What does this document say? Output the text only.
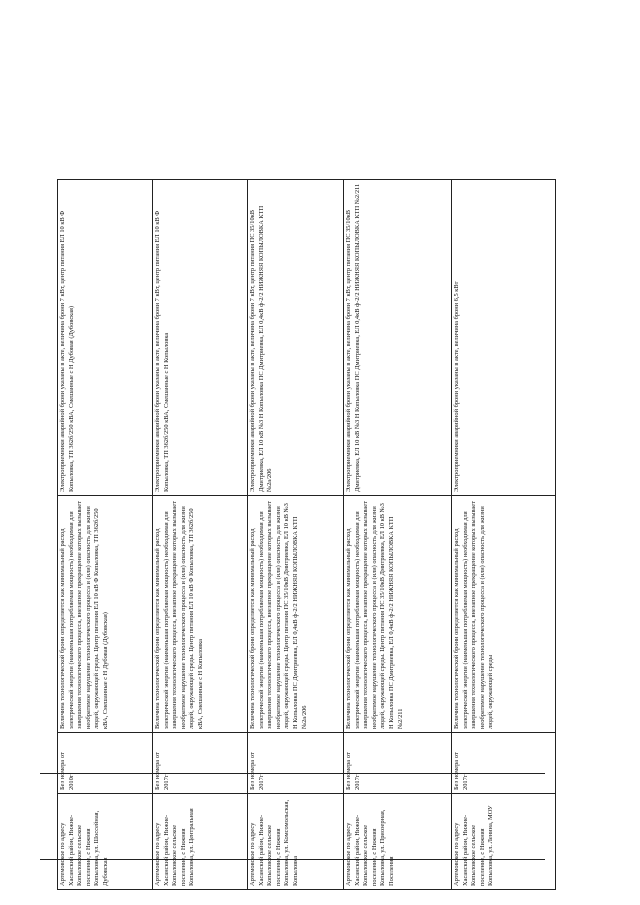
Артемовское по адресу Хасанский район, Нижне-Копыловское сельское поселение, с Нижняя Копыловка, ул. Шоссейная, Дубовская	Без номера от 2010г	Величина технологической брони определяется как минимальный расход электрической энергии (наименьшая потребляемая мощность) необходимая для завершения технологического процесса, внезапное прекращение которых вызывает необратимое нарушение технологического процесса и (или) опасность для жизни людей, окружающей среды. Центр питания ЕЛ 10 кВ Ф Копыловка, ТП 362б/250 кВА, Смешанные с Н Дубовая (Дубовская)	Электроприемники аварийной брони указаны в акте, величина брони 7 кВт, центр питания ЕЛ 10 кВ Ф Копыловка, ТП 362б/250 кВА, Смешанные с Н Дубовая (Дубовская)
Артемовское по адресу Хасанский район, Нижне-Копыловское сельское поселение, с Нижняя Копыловка, ул. Центральная	Без номера от 2017г	Величина технологической брони определяется как минимальный расход электрической энергии (наименьшая потребляемая мощность) необходимая для завершения технологического процесса, внезапное прекращение которых вызывает необратимое нарушение технологического процесса и (или) опасность для жизни людей, окружающей среды. Центр питания ЕЛ 10 кВ Ф Копыловка, ТП 362б/250 кВА, Смешанные с Н Копыловка	Электроприемники аварийной брони указаны в акте, величина брони 7 кВт, центр питания ЕЛ 10 кВ Ф Копыловка, ТП 362б/250 кВА, Смешанные с Н Копыловка
Артемовское по адресу Хасанский район, Нижне-Копыловское сельское поселение, с Нижняя Копыловка, ул. Комсомольская, Копыловка	Без номера от 2017г	Величина технологической брони определяется как минимальный расход электрической энергии (наименьшая потребляемая мощность) необходимая для завершения технологического процесса, внезапное прекращение которых вызывает необратимое нарушение технологического процесса и (или) опасность для жизни людей, окружающей среды. Центр питания ПС 35/10кВ Дмитриевка, ЕЛ 10 кВ №3 Н Копыловка ПС Дмитриевка, ЕЛ 0,4кВ ф-2/2 НИЖНЯЯ КОПЫЛОВКА КТП №2а/206	Электроприемники аварийной брони указаны в акте, величина брони 7 кВт, центр питания ПС 35/10кВ Дмитриевка, ЕЛ 10 кВ №3 Н Копыловка ПС Дмитриевка, ЕЛ 0,4кВ ф-2/2 НИЖНЯЯ КОПЫЛОВКА КТП №2а/206
Артемовское по адресу Хасанский район, Нижне-Копыловское сельское поселение, с Нижняя Копыловка, ул. Приозерная, Поселения	Без номера от 2017г	Величина технологической брони определяется как минимальный расход электрической энергии (наименьшая потребляемая мощность) необходимая для завершения технологического процесса, внезапное прекращение которых вызывает необратимое нарушение технологического процесса и (или) опасность для жизни людей, окружающей среды. Центр питания ПС 35/10кВ Дмитриевка, ЕЛ 10 кВ №3 Н Копыловка ПС Дмитриевка, ЕЛ 0,4кВ ф-2/2 НИЖНЯЯ КОПЫЛОВКА КТП №2/211	Электроприемники аварийной брони указаны в акте, величина брони 7 кВт, центр питания ПС 35/10кВ Дмитриевка, ЕЛ 10 кВ №3 Н Копыловка ПС Дмитриевка, ЕЛ 0,4кВ ф-2/2 НИЖНЯЯ КОПЫЛОВКА КТП №2/211
Артемовское по адресу Хасанский район, Нижне-Копыловское сельское поселение, с Нижняя Копыловка, ул. Ленина, МОУ	Без номера от 2017г	Величина технологической брони определяется как минимальный расход электрической энергии (наименьшая потребляемая мощность) необходимая для завершения технологического процесса, внезапное прекращение которых вызывает необратимое нарушение технологического процесса и (или) опасность для жизни людей, окружающей среды	Электроприемники аварийной брони указаны в акте, величина брони 6,5 кВт
